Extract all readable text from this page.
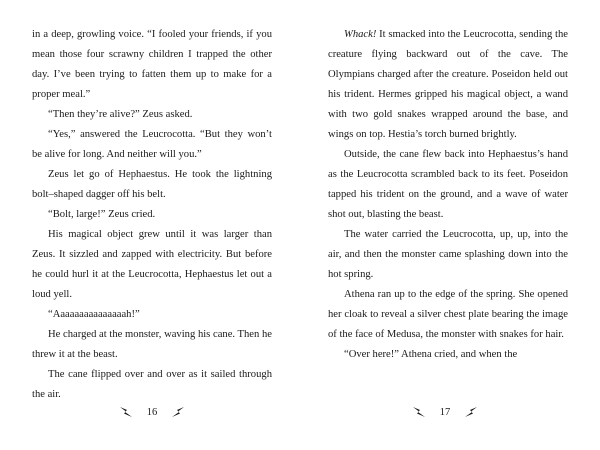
in a deep, growling voice. “I fooled your friends, if you mean those four scrawny children I trapped the other day. I’ve been trying to fatten them up to make for a proper meal.”

“Then they’re alive?” Zeus asked.

“Yes,” answered the Leucrocotta. “But they won’t be alive for long. And neither will you.”

Zeus let go of Hephaestus. He took the lightning bolt–shaped dagger off his belt.

“Bolt, large!” Zeus cried.

His magical object grew until it was larger than Zeus. It sizzled and zapped with electricity. But before he could hurl it at the Leucrocotta, Hephaestus let out a loud yell.

“Aaaaaaaaaaaaaaah!”

He charged at the monster, waving his cane. Then he threw it at the beast.

The cane flipped over and over as it sailed through the air.

16

Whack! It smacked into the Leucrocotta, sending the creature flying backward out of the cave. The Olympians charged after the creature. Poseidon held out his trident. Hermes gripped his magical object, a wand with two gold snakes wrapped around the base, and wings on top. Hestia’s torch burned brightly.

Outside, the cane flew back into Hephaestus’s hand as the Leucrocotta scrambled back to its feet. Poseidon tapped his trident on the ground, and a wave of water shot out, blasting the beast.

The water carried the Leucrocotta, up, up, into the air, and then the monster came splashing down into the hot spring.

Athena ran up to the edge of the spring. She opened her cloak to reveal a silver chest plate bearing the image of the face of Medusa, the monster with snakes for hair.

“Over here!” Athena cried, and when the

17
